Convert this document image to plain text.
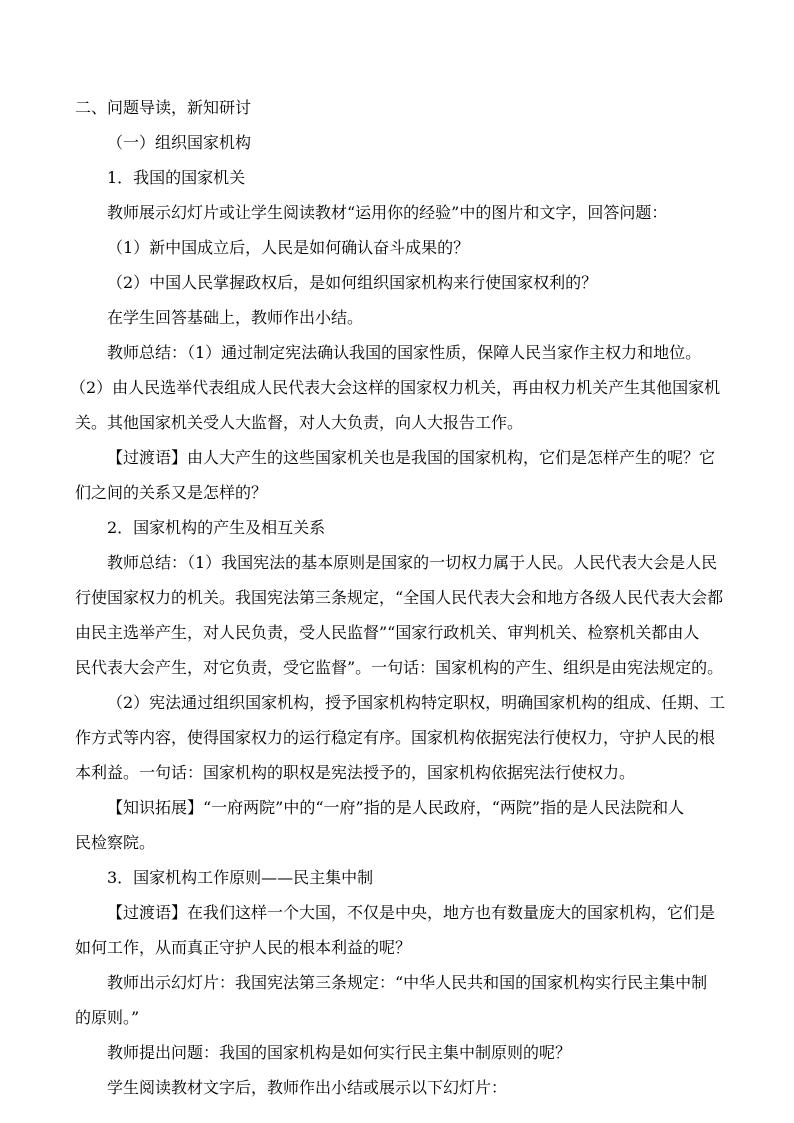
二、问题导读，新知研讨
（一）组织国家机构
1．我国的国家机关
教师展示幻灯片或让学生阅读教材“运用你的经验”中的图片和文字，回答问题：
（1）新中国成立后，人民是如何确认奋斗成果的？
（2）中国人民掌握政权后，是如何组织国家机构来行使国家权利的？
在学生回答基础上，教师作出小结。
教师总结：（1）通过制定宪法确认我国的国家性质，保障人民当家作主权力和地位。
（2）由人民选举代表组成人民代表大会这样的国家权力机关，再由权力机关产生其他国家机
关。其他国家机关受人大监督，对人大负责，向人大报告工作。
【过渡语】由人大产生的这些国家机关也是我国的国家机构，它们是怎样产生的呢？它
们之间的关系又是怎样的？
2．国家机构的产生及相互关系
教师总结：（1）我国宪法的基本原则是国家的一切权力属于人民。人民代表大会是人民
行使国家权力的机关。我国宪法第三条规定，“全国人民代表大会和地方各级人民代表大会都
由民主选举产生，对人民负责，受人民监督”“国家行政机关、审判机关、检察机关都由人
民代表大会产生，对它负责，受它监督”。一句话：国家机构的产生、组织是由宪法规定的。
（2）宪法通过组织国家机构，授予国家机构特定职权，明确国家机构的组成、任期、工
作方式等内容，使得国家权力的运行稳定有序。国家机构依据宪法行使权力，守护人民的根
本利益。一句话：国家机构的职权是宪法授予的，国家机构依据宪法行使权力。
【知识拓展】“一府两院”中的“一府”指的是人民政府，“两院”指的是人民法院和人
民检察院。
3．国家机构工作原则——民主集中制
【过渡语】在我们这样一个大国，不仅是中央，地方也有数量庞大的国家机构，它们是
如何工作，从而真正守护人民的根本利益的呢？
教师出示幻灯片：我国宪法第三条规定：“中华人民共和国的国家机构实行民主集中制
的原则。”
教师提出问题：我国的国家机构是如何实行民主集中制原则的呢？
学生阅读教材文字后，教师作出小结或展示以下幻灯片：
